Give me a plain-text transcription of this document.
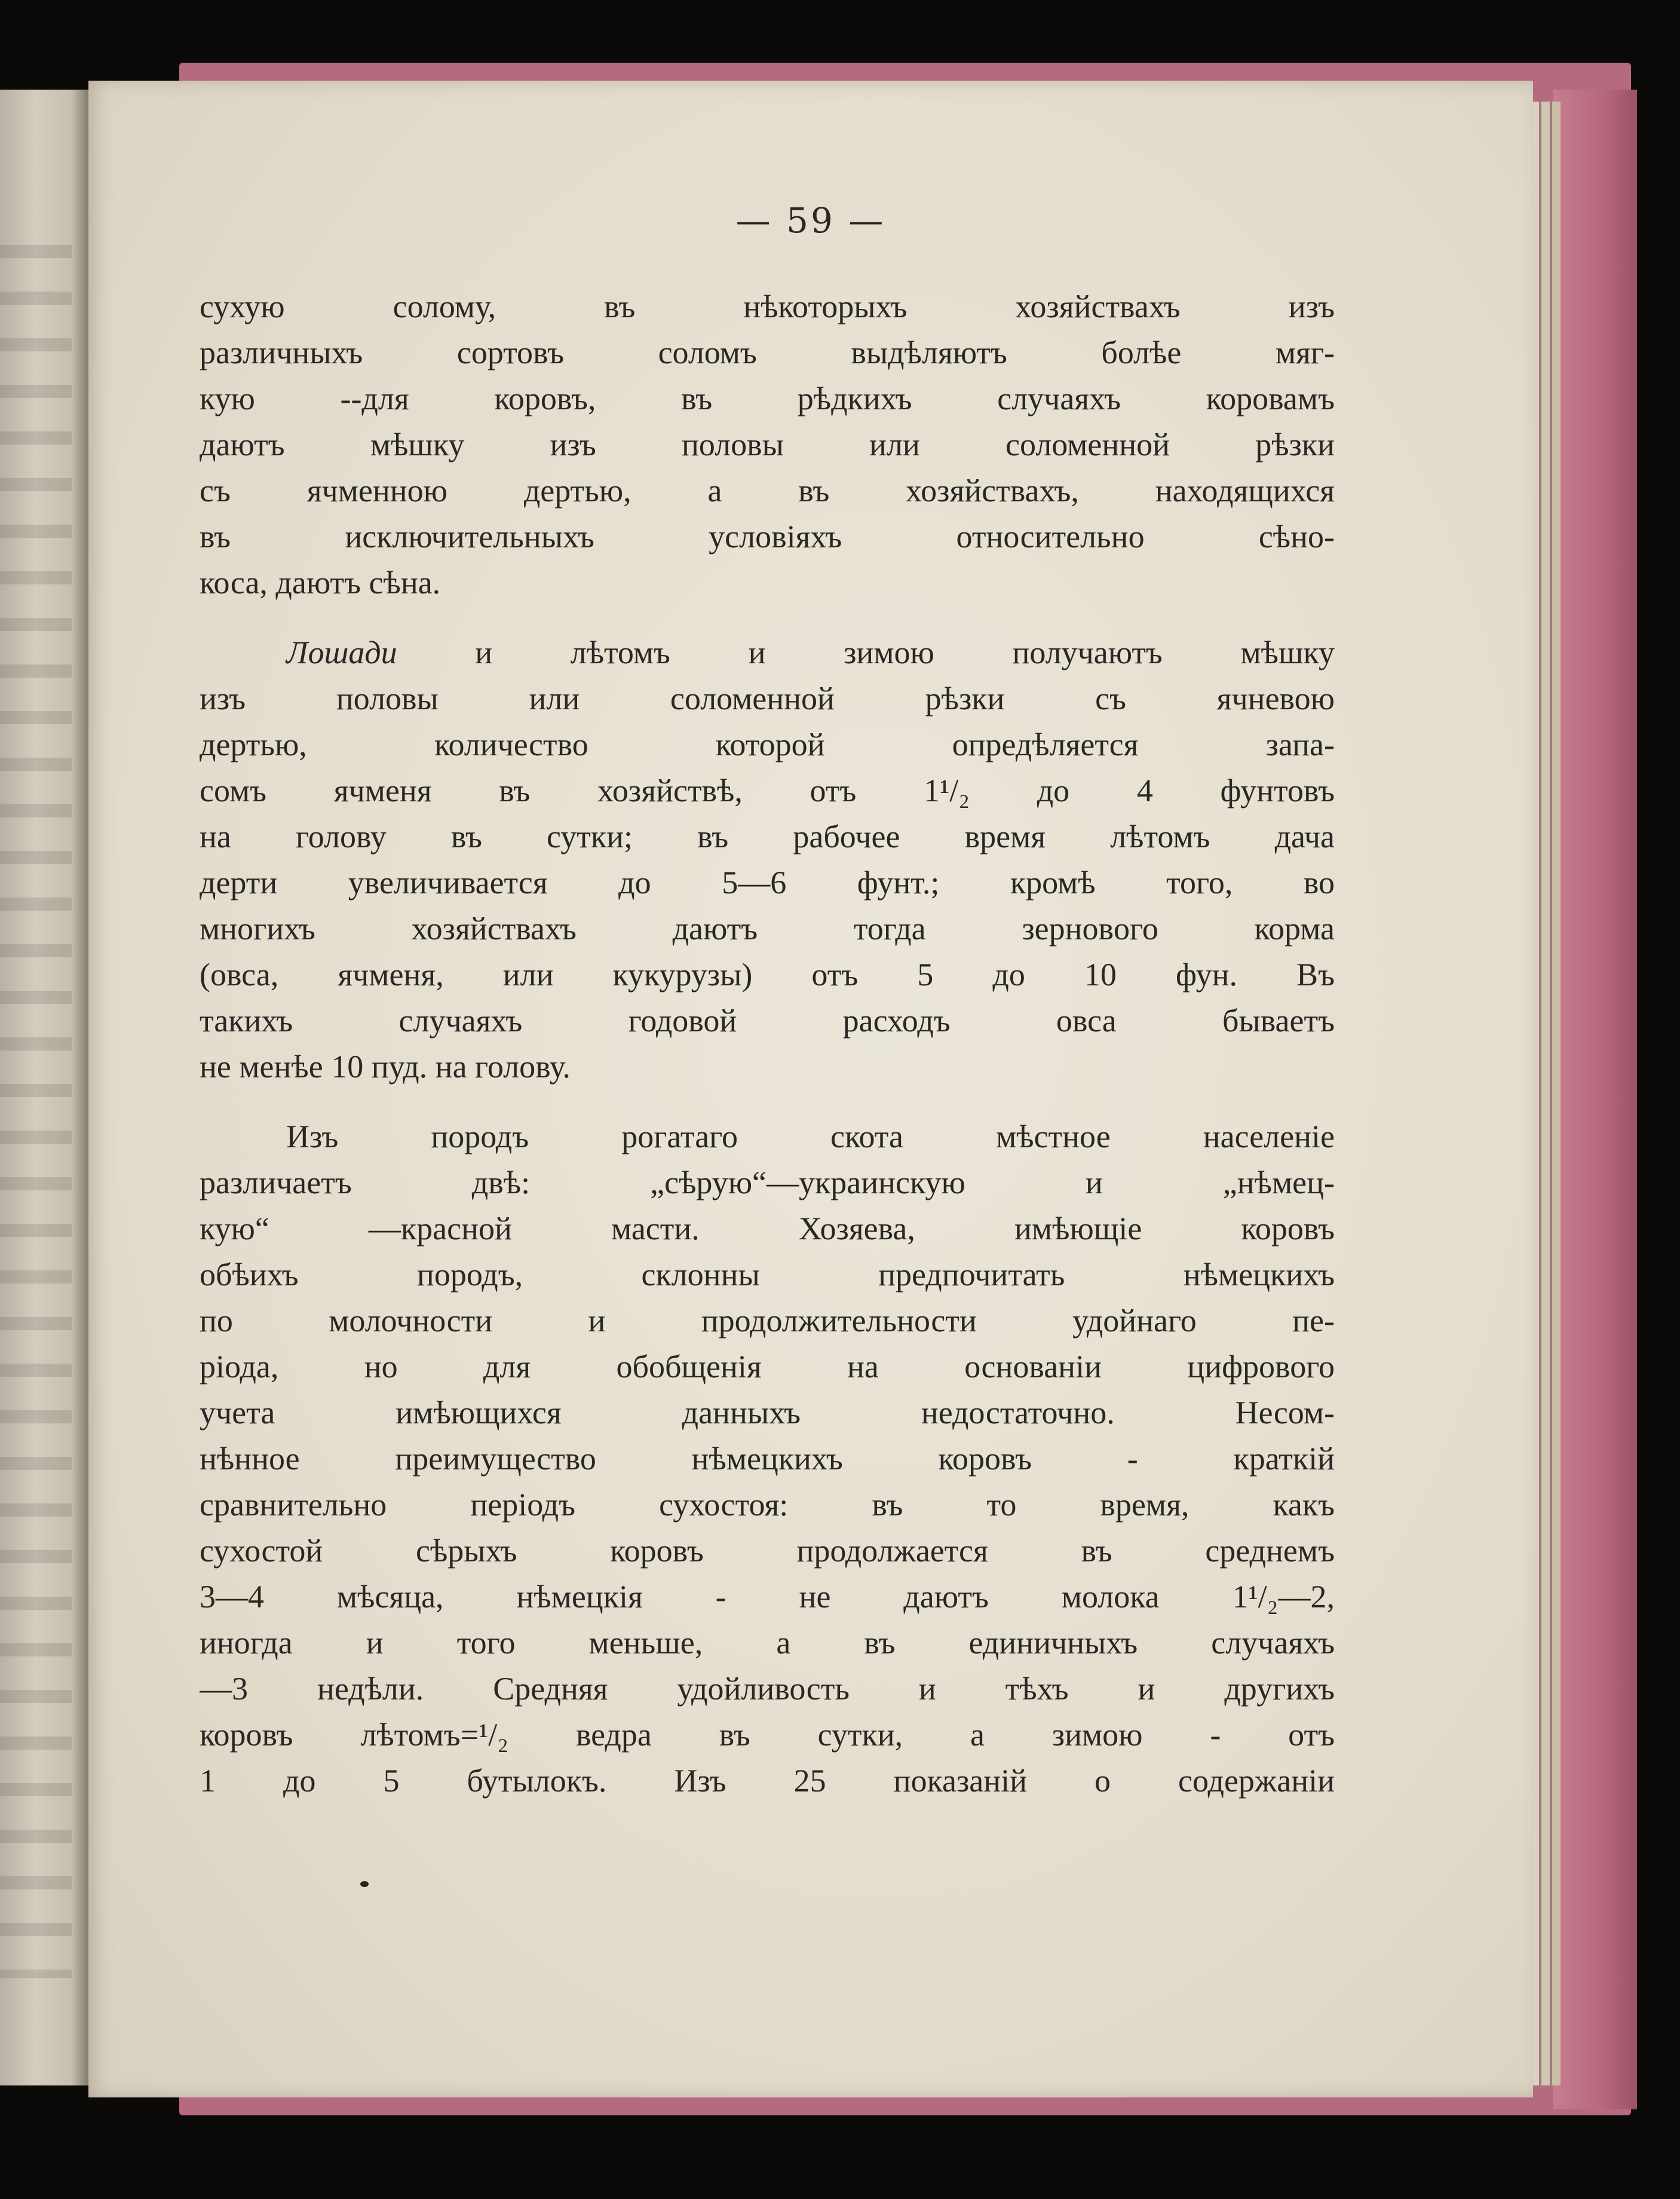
— 59 —
сухую солому, въ нѣкоторыхъ хозяйствахъ изъ
различныхъ сортовъ соломъ выдѣляютъ болѣе мяг-
кую --для коровъ, въ рѣдкихъ случаяхъ коровамъ
даютъ мѣшку изъ половы или соломенной рѣзки
съ ячменною дертью, а въ хозяйствахъ, находящихся
въ исключительныхъ условіяхъ относительно сѣно-
коса, даютъ сѣна.
Лошади и лѣтомъ и зимою получаютъ мѣшку
изъ половы или соломенной рѣзки съ ячневою
дертью, количество которой опредѣляется запа-
сомъ ячменя въ хозяйствѣ, отъ 1¹/₂ до 4 фунтовъ
на голову въ сутки; въ рабочее время лѣтомъ дача
дерти увеличивается до 5—6 фунт.; кромѣ того, во
многихъ хозяйствахъ даютъ тогда зерновoго корма
(овса, ячменя, или кукурузы) отъ 5 до 10 фун. Въ
такихъ случаяхъ годовой расходъ овса бываетъ
не менѣе 10 пуд. на голову.
Изъ породъ рогатаго скота мѣстное населеніе
различаетъ двѣ: „сѣрую“—украинскую и „нѣмец-
кую“ —красной масти. Хозяева, имѣющіе коровъ
обѣихъ породъ, склонны предпочитать нѣмецкихъ
по молочности и продолжительности удойнаго пе-
ріода, но для обобщенія на основаніи цифрового
учета имѣющихся данныхъ недостаточно. Несом-
нѣнное преимущество нѣмецкихъ коровъ - краткій
сравнительно періодъ сухостоя: въ то время, какъ
сухостой сѣрыхъ коровъ продолжается въ среднемъ
3—4 мѣсяца, нѣмецкія - не даютъ молока 1¹/₂—2,
иногда и того меньше, а въ единичныхъ случаяхъ
—3 недѣли. Средняя удойливость и тѣхъ и другихъ
коровъ лѣтомъ=¹/₂ ведра въ сутки, а зимою - отъ
1 до 5 бутылокъ. Изъ 25 показаній о содержаніи
